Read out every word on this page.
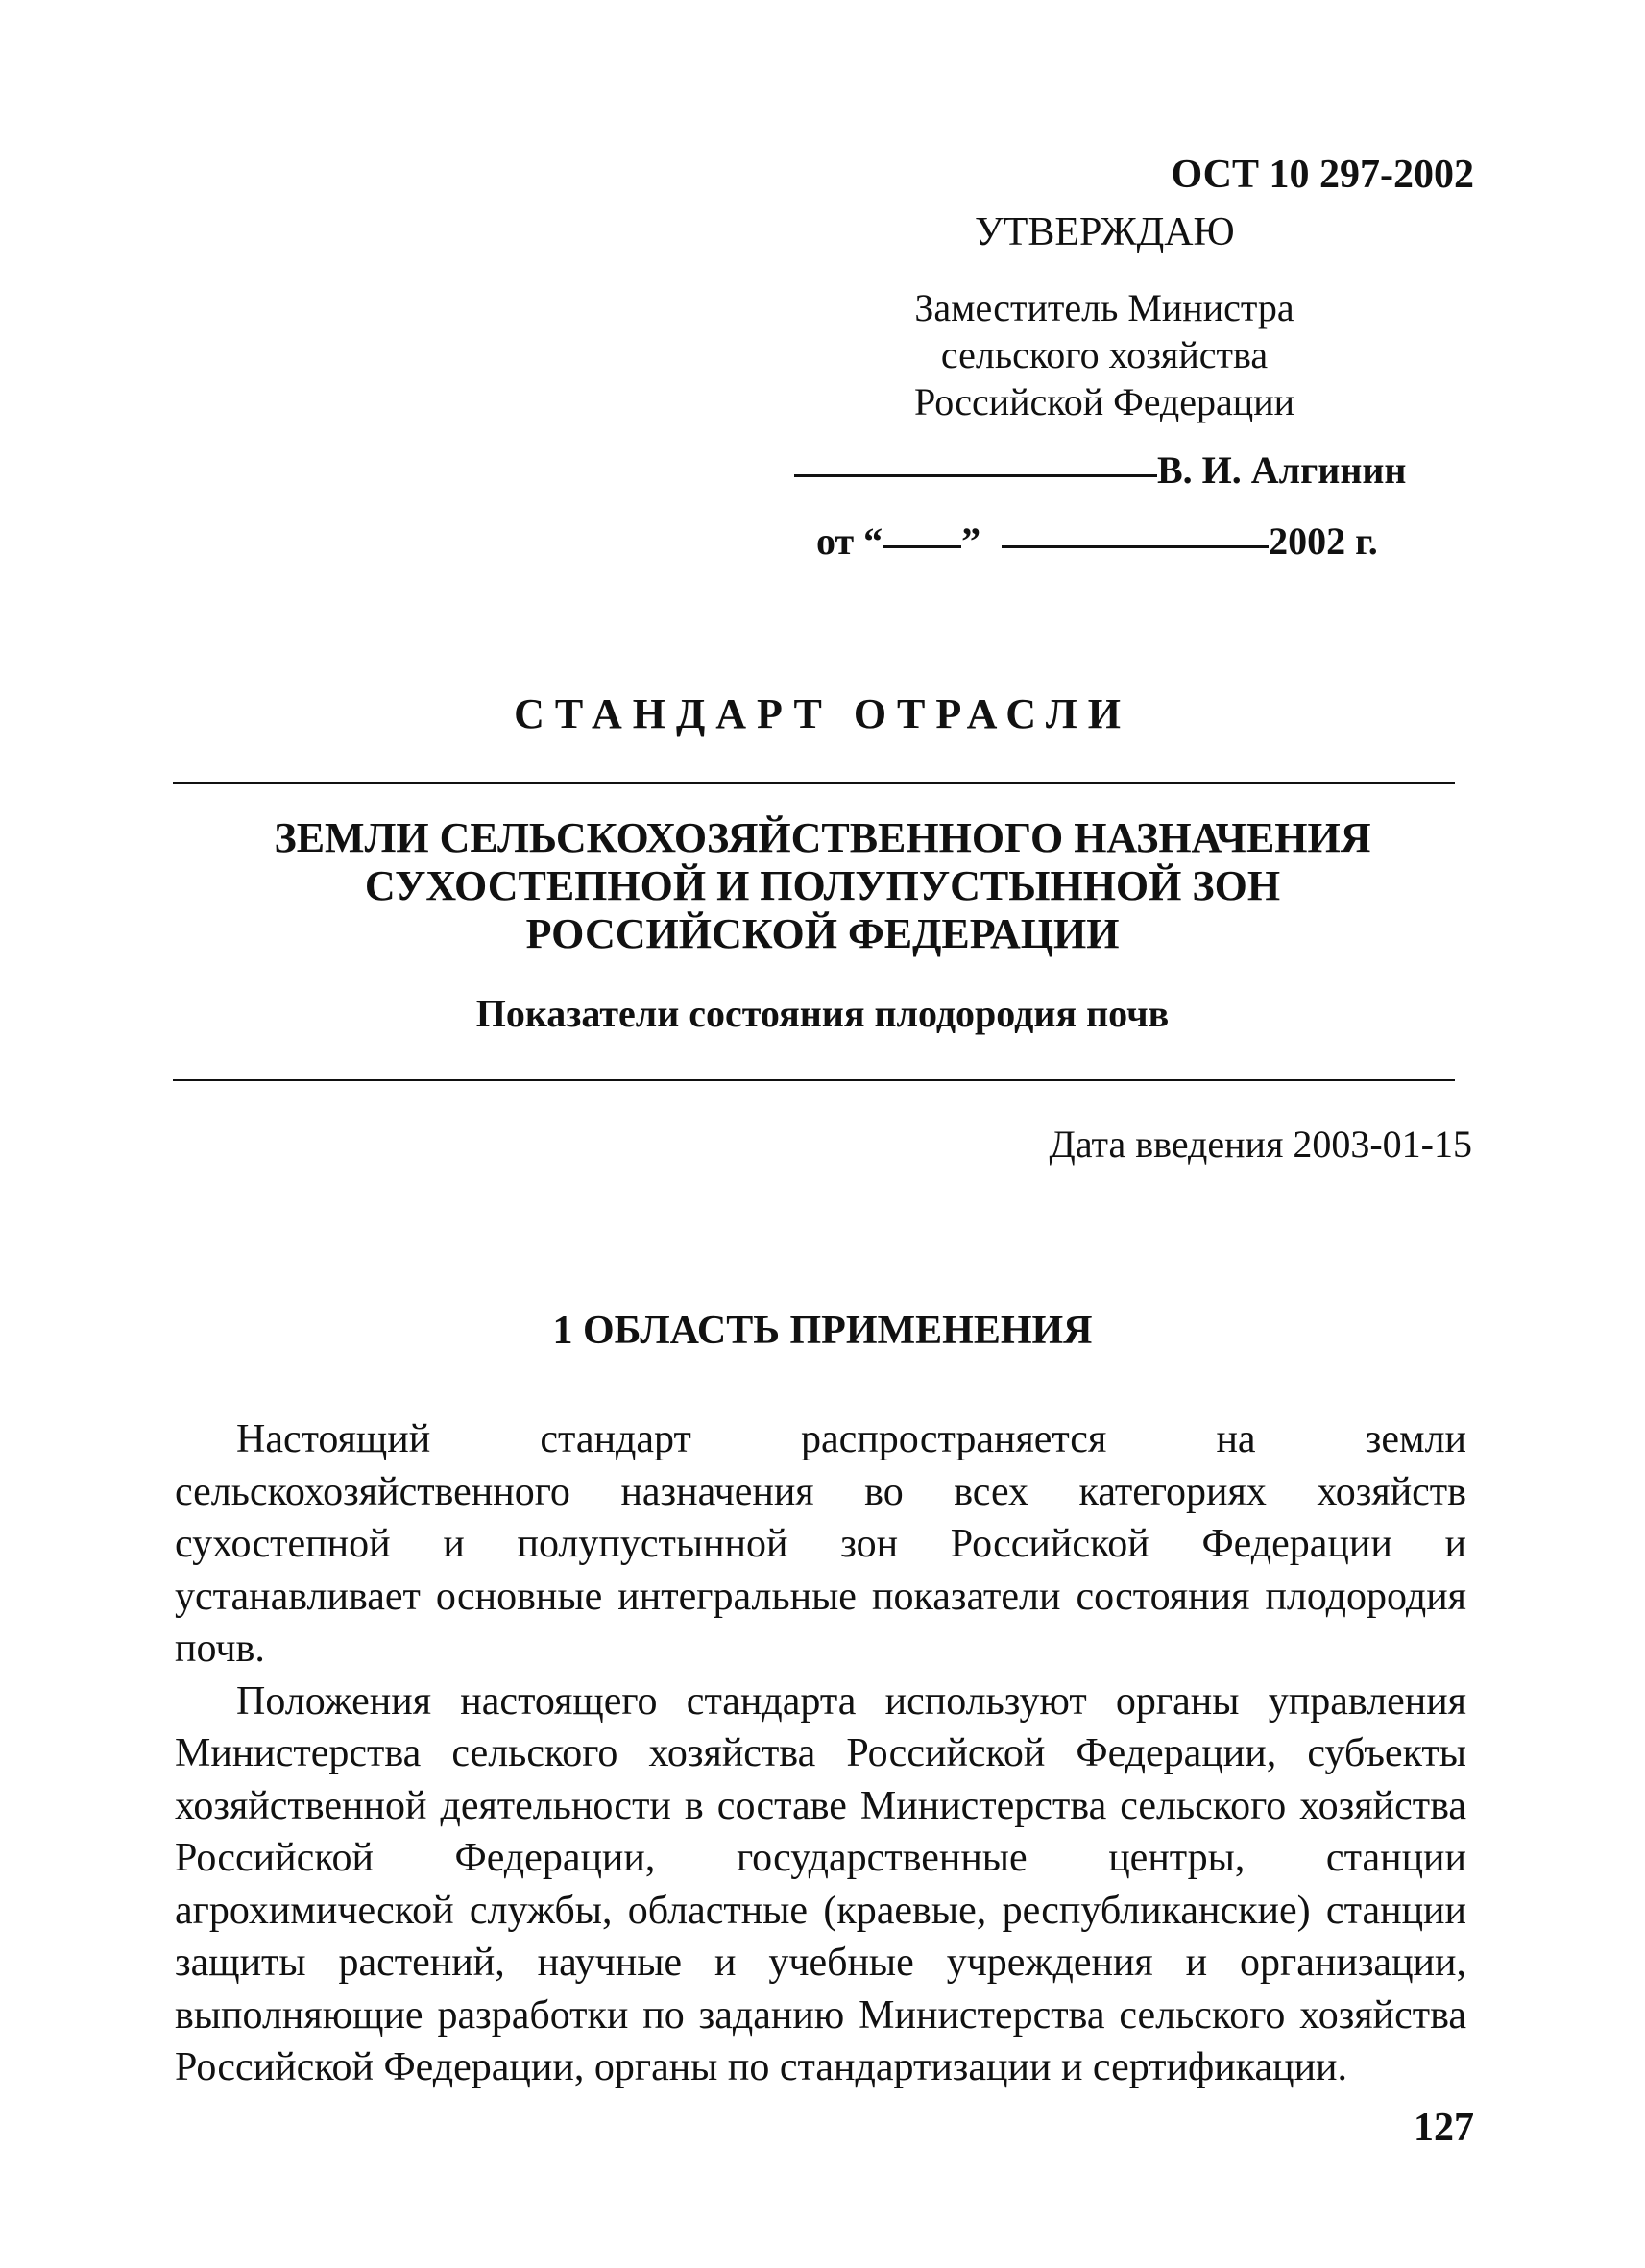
ОСТ 10 297-2002
УТВЕРЖДАЮ
Заместитель Министра
сельского хозяйства
Российской Федерации
В. И. Алгинин
от “ ”	2002 г.
СТАНДАРТ ОТРАСЛИ
ЗЕМЛИ СЕЛЬСКОХОЗЯЙСТВЕННОГО НАЗНАЧЕНИЯ
СУХОСТЕПНОЙ И ПОЛУПУСТЫННОЙ ЗОН
РОССИЙСКОЙ ФЕДЕРАЦИИ
Показатели состояния плодородия почв
Дата введения 2003-01-15
1 ОБЛАСТЬ ПРИМЕНЕНИЯ

Настоящий стандарт распространяется на земли сельскохозяйственного назначения во всех категориях хозяйств сухостепной и полупустынной зон Российской Федерации и устанавливает основные интегральные показатели состояния плодородия почв.

Положения настоящего стандарта используют органы управления Министерства сельского хозяйства Российской Федерации, субъекты хозяйственной деятельности в составе Министерства сельского хозяйства Российской Федерации, государственные центры, станции агрохимической службы, областные (краевые, республиканские) станции защиты растений, научные и учебные учреждения и организации, выполняющие разработки по заданию Министерства сельского хозяйства Российской Федерации, органы по стандартизации и сертификации.

127
